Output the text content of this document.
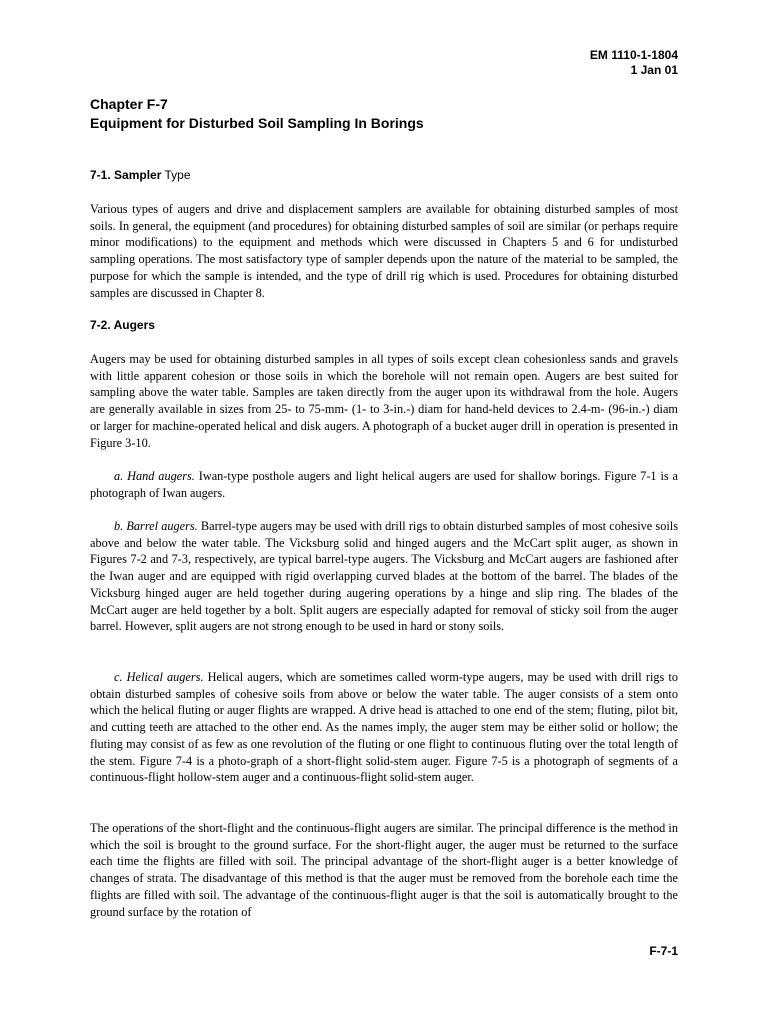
EM 1110-1-1804
1 Jan 01
Chapter F-7
Equipment for Disturbed Soil Sampling In Borings
7-1. Sampler Type
Various types of augers and drive and displacement samplers are available for obtaining disturbed samples of most soils. In general, the equipment (and procedures) for obtaining disturbed samples of soil are similar (or perhaps require minor modifications) to the equipment and methods which were discussed in Chapters 5 and 6 for undisturbed sampling operations. The most satisfactory type of sampler depends upon the nature of the material to be sampled, the purpose for which the sample is intended, and the type of drill rig which is used. Procedures for obtaining disturbed samples are discussed in Chapter 8.
7-2. Augers
Augers may be used for obtaining disturbed samples in all types of soils except clean cohesionless sands and gravels with little apparent cohesion or those soils in which the borehole will not remain open. Augers are best suited for sampling above the water table. Samples are taken directly from the auger upon its withdrawal from the hole. Augers are generally available in sizes from 25- to 75-mm- (1- to 3-in.-) diam for hand-held devices to 2.4-m- (96-in.-) diam or larger for machine-operated helical and disk augers. A photograph of a bucket auger drill in operation is presented in Figure 3-10.
a. Hand augers. Iwan-type posthole augers and light helical augers are used for shallow borings. Figure 7-1 is a photograph of Iwan augers.
b. Barrel augers. Barrel-type augers may be used with drill rigs to obtain disturbed samples of most cohesive soils above and below the water table. The Vicksburg solid and hinged augers and the McCart split auger, as shown in Figures 7-2 and 7-3, respectively, are typical barrel-type augers. The Vicksburg and McCart augers are fashioned after the Iwan auger and are equipped with rigid overlapping curved blades at the bottom of the barrel. The blades of the Vicksburg hinged auger are held together during augering operations by a hinge and slip ring. The blades of the McCart auger are held together by a bolt. Split augers are especially adapted for removal of sticky soil from the auger barrel. However, split augers are not strong enough to be used in hard or stony soils.
c. Helical augers. Helical augers, which are sometimes called worm-type augers, may be used with drill rigs to obtain disturbed samples of cohesive soils from above or below the water table. The auger consists of a stem onto which the helical fluting or auger flights are wrapped. A drive head is attached to one end of the stem; fluting, pilot bit, and cutting teeth are attached to the other end. As the names imply, the auger stem may be either solid or hollow; the fluting may consist of as few as one revolution of the fluting or one flight to continuous fluting over the total length of the stem. Figure 7-4 is a photo-graph of a short-flight solid-stem auger. Figure 7-5 is a photograph of segments of a continuous-flight hollow-stem auger and a continuous-flight solid-stem auger.
The operations of the short-flight and the continuous-flight augers are similar. The principal difference is the method in which the soil is brought to the ground surface. For the short-flight auger, the auger must be returned to the surface each time the flights are filled with soil. The principal advantage of the short-flight auger is a better knowledge of changes of strata. The disadvantage of this method is that the auger must be removed from the borehole each time the flights are filled with soil. The advantage of the continuous-flight auger is that the soil is automatically brought to the ground surface by the rotation of
F-7-1
